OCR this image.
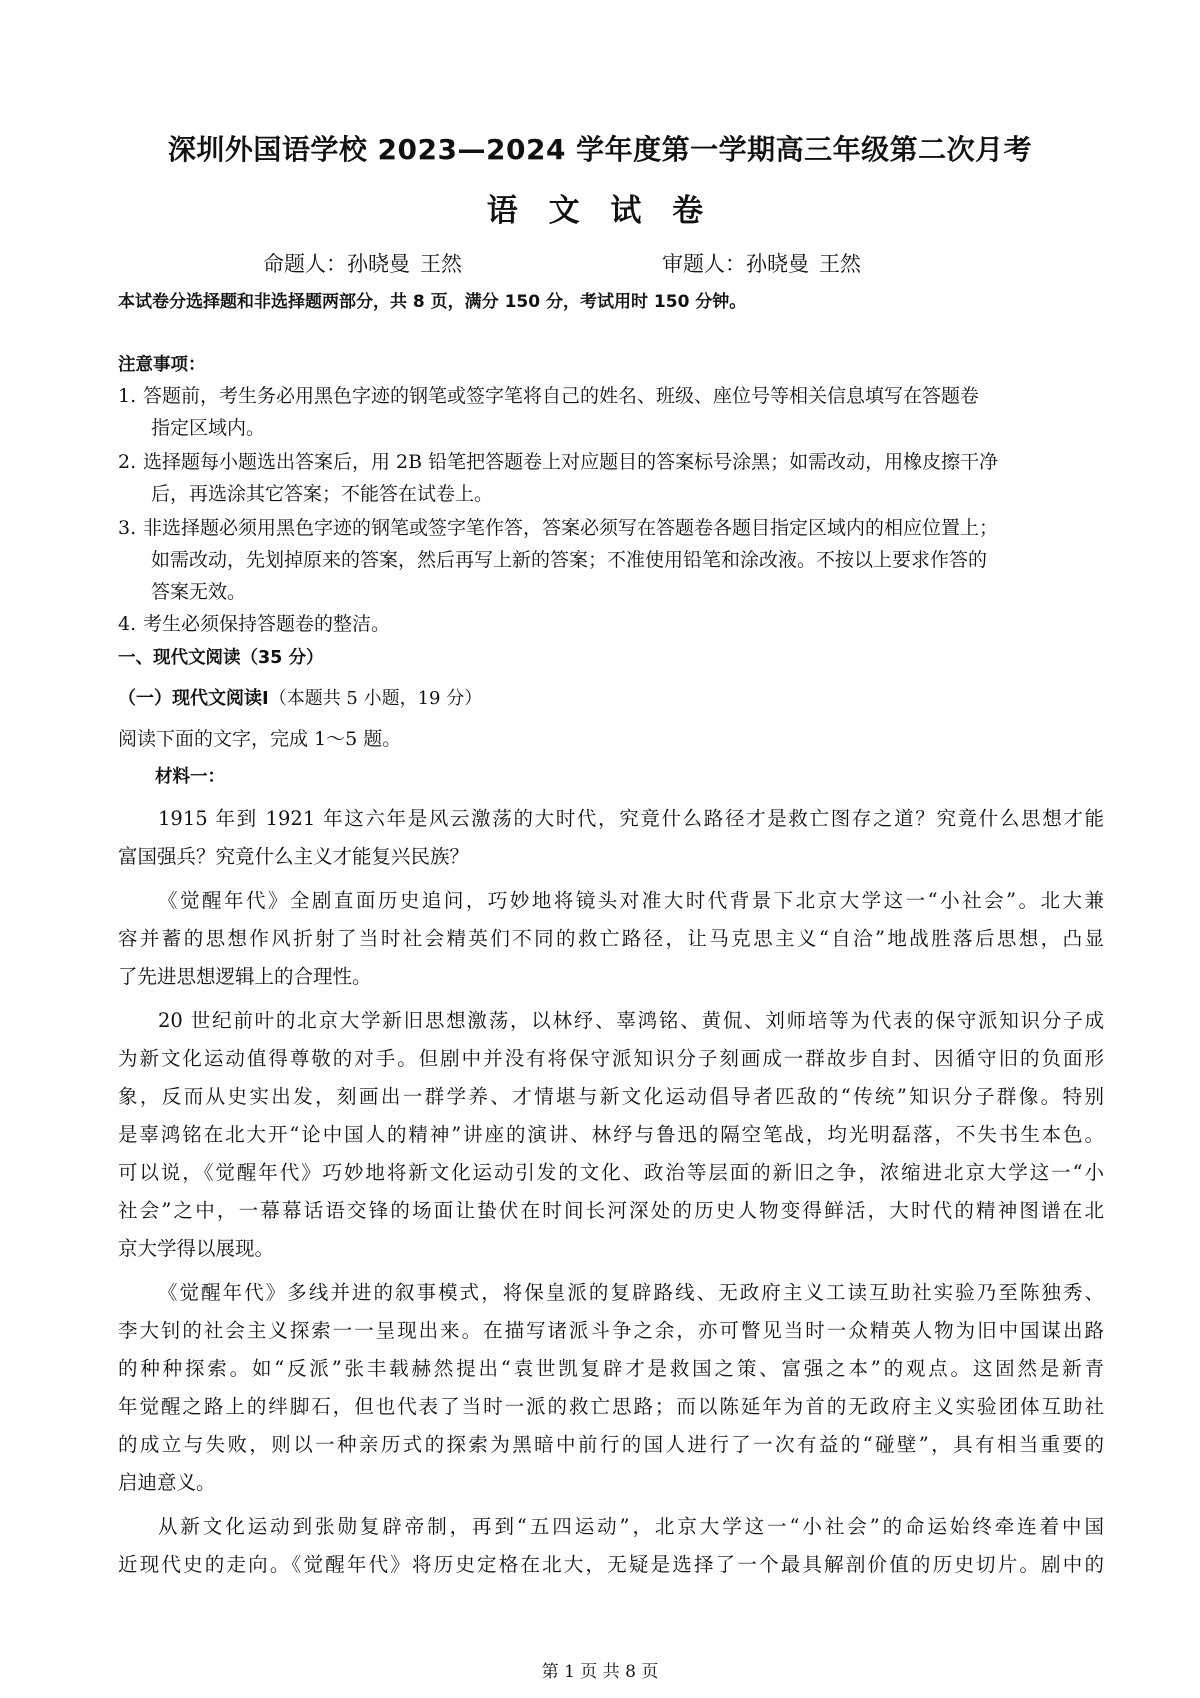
深圳外国语学校 2023—2024 学年度第一学期高三年级第二次月考
语 文 试 卷
命题人：孙晓曼 王然	审题人：孙晓曼 王然
本试卷分选择题和非选择题两部分，共 8 页，满分 150 分，考试用时 150 分钟。
注意事项：
1. 答题前，考生务必用黑色字迹的钢笔或签字笔将自己的姓名、班级、座位号等相关信息填写在答题卷
指定区域内。
2. 选择题每小题选出答案后，用 2B 铅笔把答题卷上对应题目的答案标号涂黑；如需改动，用橡皮擦干净
后，再选涂其它答案；不能答在试卷上。
3. 非选择题必须用黑色字迹的钢笔或签字笔作答，答案必须写在答题卷各题目指定区域内的相应位置上；
如需改动，先划掉原来的答案，然后再写上新的答案；不准使用铅笔和涂改液。不按以上要求作答的
答案无效。
4. 考生必须保持答题卷的整洁。
一、现代文阅读（35 分）
（一）现代文阅读Ⅰ（本题共 5 小题，19 分）
阅读下面的文字，完成 1～5 题。
材料一：
1915 年到 1921 年这六年是风云激荡的大时代，究竟什么路径才是救亡图存之道？究竟什么思想才能
富国强兵？究竟什么主义才能复兴民族？
《觉醒年代》全剧直面历史追问，巧妙地将镜头对准大时代背景下北京大学这一“小社会”。北大兼
容并蓄的思想作风折射了当时社会精英们不同的救亡路径，让马克思主义“自洽”地战胜落后思想，凸显
了先进思想逻辑上的合理性。
20 世纪前叶的北京大学新旧思想激荡，以林纾、辜鸿铭、黄侃、刘师培等为代表的保守派知识分子成
为新文化运动值得尊敬的对手。但剧中并没有将保守派知识分子刻画成一群故步自封、因循守旧的负面形
象，反而从史实出发，刻画出一群学养、才情堪与新文化运动倡导者匹敌的“传统”知识分子群像。特别
是辜鸿铭在北大开“论中国人的精神”讲座的演讲、林纾与鲁迅的隔空笔战，均光明磊落，不失书生本色。
可以说，《觉醒年代》巧妙地将新文化运动引发的文化、政治等层面的新旧之争，浓缩进北京大学这一“小
社会”之中，一幕幕话语交锋的场面让蛰伏在时间长河深处的历史人物变得鲜活，大时代的精神图谱在北
京大学得以展现。
《觉醒年代》多线并进的叙事模式，将保皇派的复辟路线、无政府主义工读互助社实验乃至陈独秀、
李大钊的社会主义探索一一呈现出来。在描写诸派斗争之余，亦可瞥见当时一众精英人物为旧中国谋出路
的种种探索。如“反派”张丰载赫然提出“袁世凯复辟才是救国之策、富强之本”的观点。这固然是新青
年觉醒之路上的绊脚石，但也代表了当时一派的救亡思路；而以陈延年为首的无政府主义实验团体互助社
的成立与失败，则以一种亲历式的探索为黑暗中前行的国人进行了一次有益的“碰壁”，具有相当重要的
启迪意义。
从新文化运动到张勋复辟帝制，再到“五四运动”，北京大学这一“小社会”的命运始终牵连着中国
近现代史的走向。《觉醒年代》将历史定格在北大，无疑是选择了一个最具解剖价值的历史切片。剧中的
第 1 页 共 8 页
